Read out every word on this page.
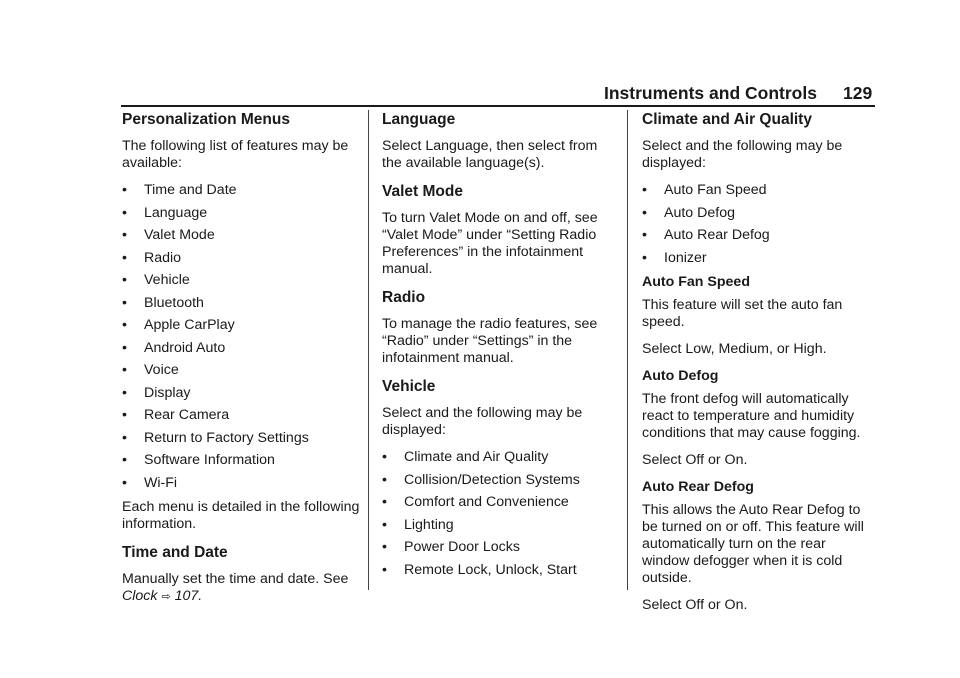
Instruments and Controls 129
Personalization Menus

The following list of features may be available:

• Time and Date
• Language
• Valet Mode
• Radio
• Vehicle
• Bluetooth
• Apple CarPlay
• Android Auto
• Voice
• Display
• Rear Camera
• Return to Factory Settings
• Software Information
• Wi-Fi

Each menu is detailed in the following information.

Time and Date

Manually set the time and date. See
Clock ⇨ 107.

Language

Select Language, then select from the available language(s).

Valet Mode

To turn Valet Mode on and off, see “Valet Mode” under “Setting Radio Preferences” in the infotainment manual.

Radio

To manage the radio features, see “Radio” under “Settings” in the infotainment manual.

Vehicle

Select and the following may be displayed:

• Climate and Air Quality
• Collision/Detection Systems
• Comfort and Convenience
• Lighting
• Power Door Locks
• Remote Lock, Unlock, Start
Climate and Air Quality

Select and the following may be displayed:

• Auto Fan Speed
• Auto Defog
• Auto Rear Defog
• Ionizer

Auto Fan Speed

This feature will set the auto fan speed.

Select Low, Medium, or High.

Auto Defog

The front defog will automatically react to temperature and humidity conditions that may cause fogging.

Select Off or On.

Auto Rear Defog

This allows the Auto Rear Defog to be turned on or off. This feature will automatically turn on the rear window defogger when it is cold outside.

Select Off or On.
